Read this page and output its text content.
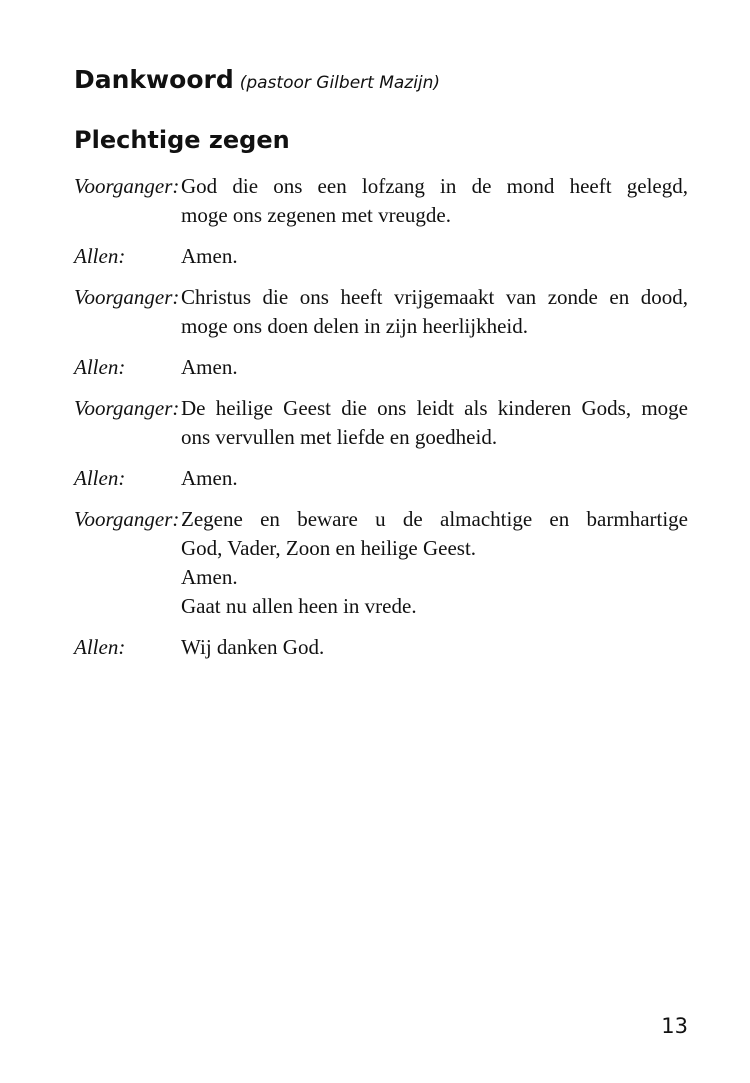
Dankwoord (pastoor Gilbert Mazijn)
Plechtige zegen
Voorganger: God die ons een lofzang in de mond heeft gelegd,
moge ons zegenen met vreugde.
Allen:	Amen.
Voorganger: Christus die ons heeft vrijgemaakt van zonde en dood,
moge ons doen delen in zijn heerlijkheid.
Allen:	Amen.
Voorganger: De heilige Geest die ons leidt als kinderen Gods, moge
ons vervullen met liefde en goedheid.
Allen:	Amen.
Voorganger: Zegene en beware u de almachtige en barmhartige
God, Vader, Zoon en heilige Geest.
Amen.
Gaat nu allen heen in vrede.
Allen:	Wij danken God.
13
